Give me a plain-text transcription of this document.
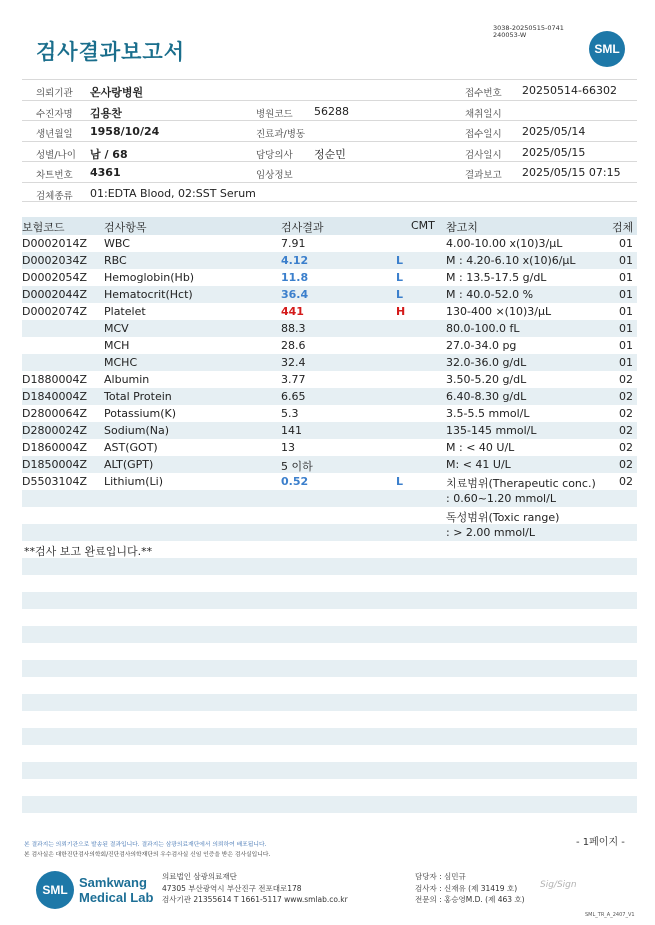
검사결과보고서
3038-20250515-0741
240053-W
SML
의뢰기관 온사랑병원	접수번호 20250514-66302
수진자명 김용찬	병원코드 56288	채취일시
생년월일 1958/10/24	진료과/병동	접수일시 2025/05/14
성별/나이 남 / 68	담당의사 정순민	검사일시 2025/05/15
차트번호 4361	임상정보	결과보고 2025/05/15 07:15
검체종류 01:EDTA Blood, 02:SST Serum
보험코드	검사항목	검사결과	CMT 참고치	검체
D0002014Z WBC	7.91	4.00-10.00 x(10)3/μL	01
D0002034Z RBC	4.12	L	M : 4.20-6.10 x(10)6/μL	01
D0002054Z Hemoglobin(Hb)	11.8	L	M : 13.5-17.5 g/dL	01
D0002044Z Hematocrit(Hct)	36.4	L	M : 40.0-52.0 %	01
D0002074Z Platelet	441	H	130-400 ×(10)3/μL	01
MCV	88.3	80.0-100.0 fL	01
MCH	28.6	27.0-34.0 pg	01
MCHC	32.4	32.0-36.0 g/dL	01
D1880004Z Albumin	3.77	3.50-5.20 g/dL	02
D1840004Z Total Protein	6.65	6.40-8.30 g/dL	02
D2800064Z Potassium(K)	5.3	3.5-5.5 mmol/L	02
D2800024Z Sodium(Na)	141	135-145 mmol/L	02
D1860004Z AST(GOT)	13	M : < 40 U/L	02
D1850004Z ALT(GPT)	5 이하	M: < 41 U/L	02
D5503104Z Lithium(Li)	0.52	L	치료범위(Therapeutic conc.) 02
: 0.60~1.20 mmol/L
독성범위(Toxic range)
: > 2.00 mmol/L
**검사 보고 완료입니다.**
본 결과지는 의뢰기관으로 발송된 결과입니다. 결과지는 삼광의료재단에서 의뢰하여 배포됩니다.
본 검사실은 대한진단검사의학회/진단검사의학재단의 우수검사실 신임 인증을 받은 검사실입니다.
- 1페이지 -
SML Samkwang
Medical Lab
의료법인 삼광의료재단
47305 부산광역시 부산진구 전포대로178
검사기관 21355614 T 1661-5117 www.smlab.co.kr
담당자 : 심민규
검사자 : 신재유 (제 31419 호)
전문의 : 홍승영M.D. (제 463 호)
Sig/Sign
SML_TR_A_2407_V1
